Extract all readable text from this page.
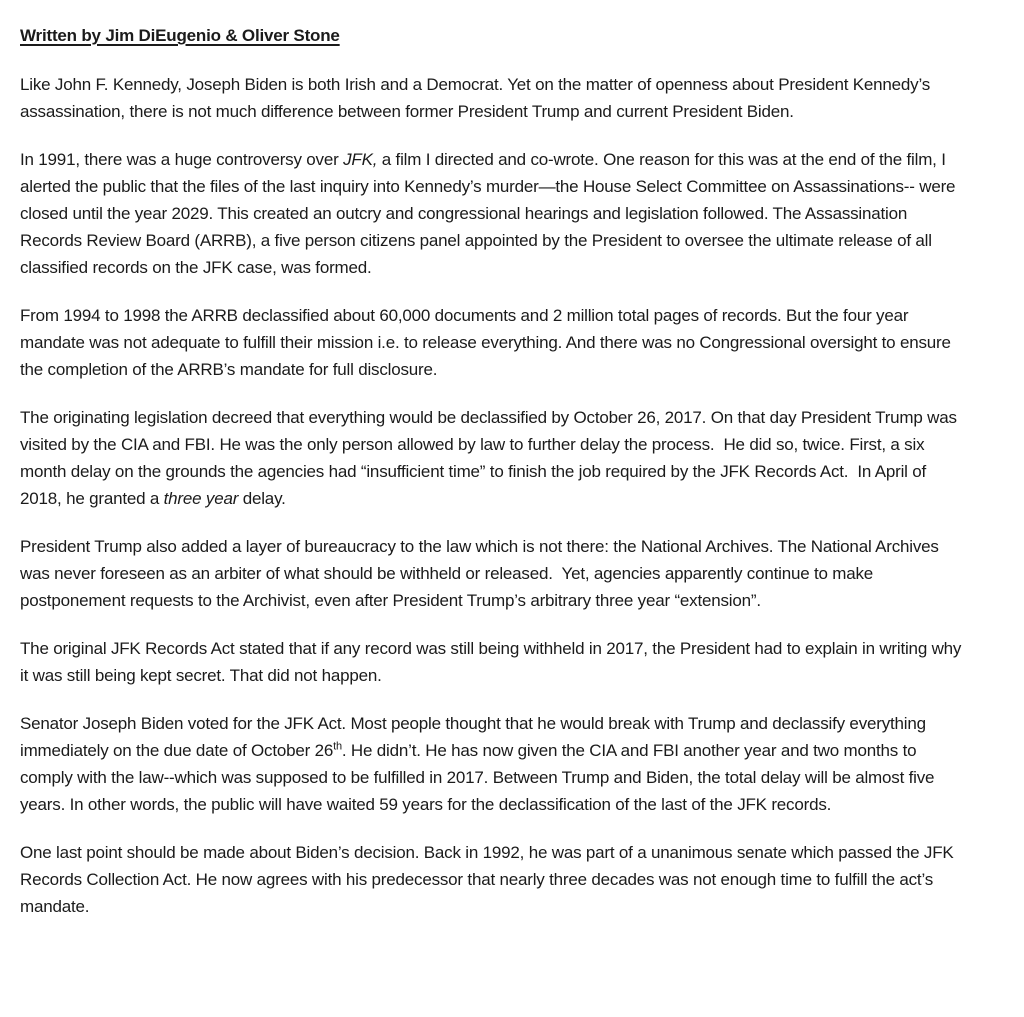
Written by Jim DiEugenio & Oliver Stone

Like John F. Kennedy, Joseph Biden is both Irish and a Democrat. Yet on the matter of openness about President Kennedy’s  assassination, there is not much difference between former President Trump and current President Biden.

In 1991, there was a huge controversy over JFK, a film I directed and co-wrote. One reason for this was at the end of the film, I alerted the public that the files of the last inquiry into Kennedy’s murder—the House Select Committee on Assassinations-- were closed until the year 2029. This created an outcry and congressional hearings and legislation followed. The Assassination Records Review Board (ARRB), a five person citizens panel appointed by the President to oversee the ultimate release of all classified records on the JFK case, was formed.

From 1994 to 1998 the ARRB declassified about 60,000 documents and 2 million total pages of records. But the four year mandate was not adequate to fulfill their mission i.e. to release everything. And there was no Congressional oversight to ensure the completion of the ARRB’s mandate for full disclosure.

The originating legislation decreed that everything would be declassified by October 26, 2017. On that day President Trump was visited by the CIA and FBI. He was the only person allowed by law to further delay the process.  He did so, twice. First, a six month delay on the grounds the agencies had “insufficient time” to finish the job required by the JFK Records Act.  In April of 2018, he granted a three year delay.

President Trump also added a layer of bureaucracy to the law which is not there: the National Archives. The National Archives  was never foreseen as an arbiter of what should be withheld or released.  Yet, agencies apparently continue to make postponement requests to the Archivist, even after President Trump’s arbitrary three year “extension”.

The original JFK Records Act stated that if any record was still being withheld in 2017, the President had to explain in writing why it was still being kept secret. That did not happen.

Senator Joseph Biden voted for the JFK Act. Most people thought that he would break with Trump and declassify everything immediately on the due date of October 26th. He didn’t. He has now given the CIA and FBI another year and two months to comply with the law--which was supposed to be fulfilled in 2017. Between Trump and Biden, the total delay will be almost five years. In other words, the public will have waited 59 years for the declassification of the last of the JFK records.

One last point should be made about Biden’s decision. Back in 1992, he was part of a unanimous senate which passed the JFK Records Collection Act. He now agrees with his predecessor that nearly three decades was not enough time to fulfill the act’s mandate.
